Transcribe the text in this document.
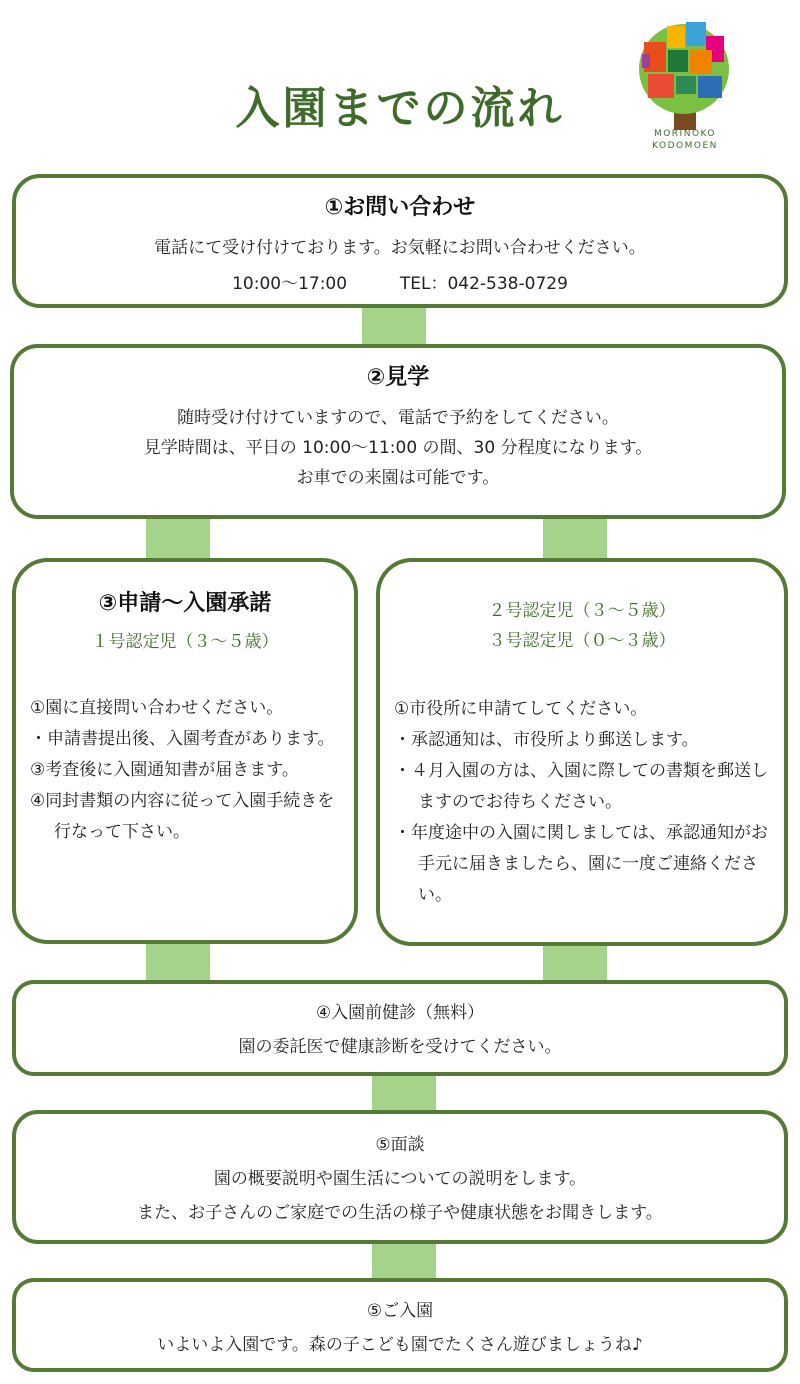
入園までの流れ	MORINOKO
KODOMOEN
①お問い合わせ

電話にて受け付けております。お気軽にお問い合わせください。

10:00〜17:00	TEL：042-538-0729

②見学

随時受け付けていますので、電話で予約をしてください。

見学時間は、平日の 10:00〜11:00 の間、30 分程度になります。

お車での来園は可能です。

③申請〜入園承諾
１号認定児（３〜５歳）
①園に直接問い合わせください。
・申請書提出後、入園考査があります。
③考査後に入園通知書が届きます。
④同封書類の内容に従って入園手続きを行なって下さい。
２号認定児（３〜５歳）
３号認定児（０〜３歳）
①市役所に申請てしてください。
・承認通知は、市役所より郵送します。
・４月入園の方は、入園に際しての書類を郵送しますのでお待ちください。
・年度途中の入園に関しましては、承認通知がお手元に届きましたら、園に一度ご連絡ください。

④入園前健診（無料）

園の委託医で健康診断を受けてください。

⑤面談

園の概要説明や園生活についての説明をします。

また、お子さんのご家庭での生活の様子や健康状態をお聞きします。

⑤ご入園

いよいよ入園です。森の子こども園でたくさん遊びましょうね♪
